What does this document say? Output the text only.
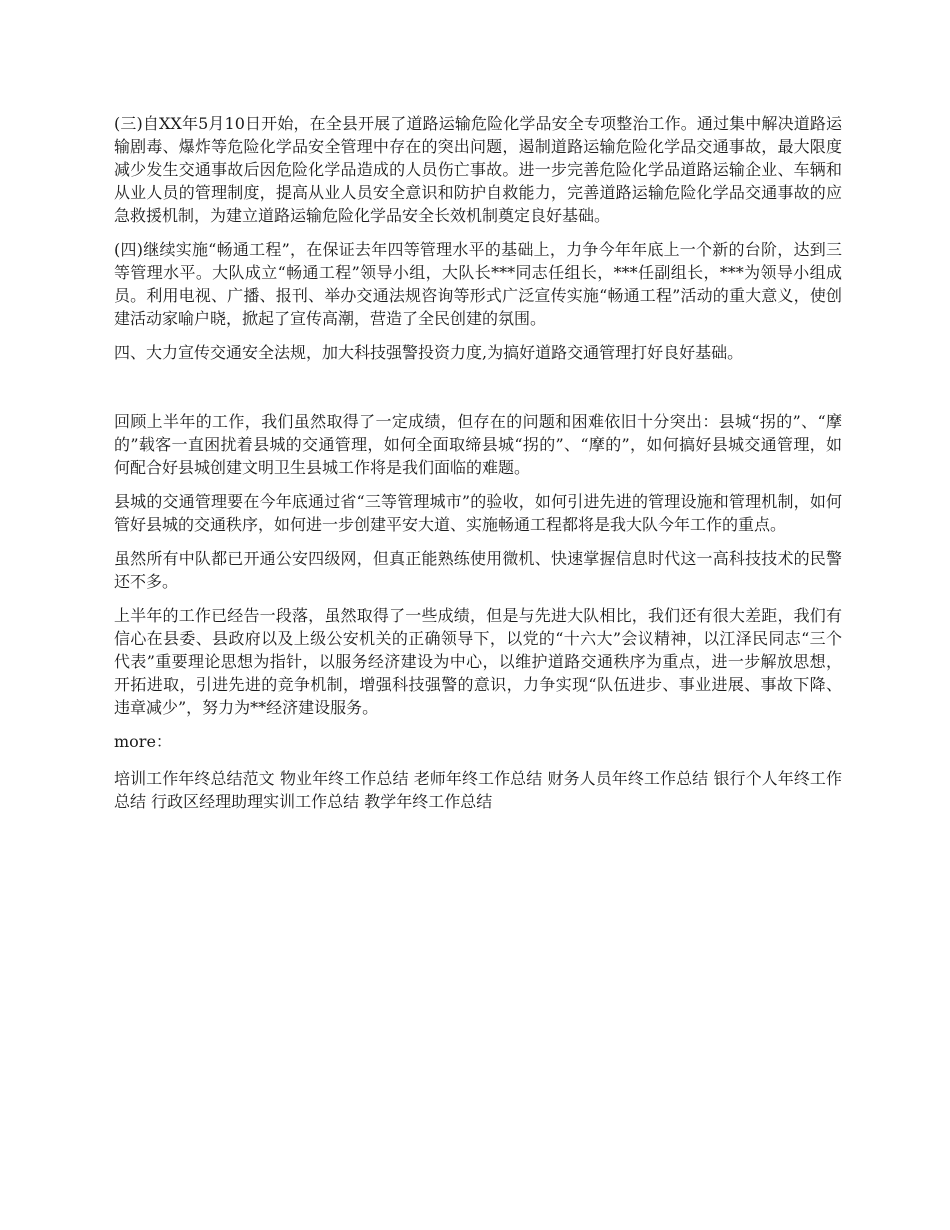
(三)自XX年5月10日开始，在全县开展了道路运输危险化学品安全专项整治工作。通过集中解决道路运输剧毒、爆炸等危险化学品安全管理中存在的突出问题，遏制道路运输危险化学品交通事故，最大限度减少发生交通事故后因危险化学品造成的人员伤亡事故。进一步完善危险化学品道路运输企业、车辆和从业人员的管理制度，提高从业人员安全意识和防护自救能力，完善道路运输危险化学品交通事故的应急救援机制，为建立道路运输危险化学品安全长效机制奠定良好基础。

(四)继续实施“畅通工程”，在保证去年四等管理水平的基础上，力争今年年底上一个新的台阶，达到三等管理水平。大队成立“畅通工程”领导小组，大队长***同志任组长，***任副组长，***为领导小组成员。利用电视、广播、报刊、举办交通法规咨询等形式广泛宣传实施“畅通工程”活动的重大意义，使创建活动家喻户晓，掀起了宣传高潮，营造了全民创建的氛围。

四、大力宣传交通安全法规，加大科技强警投资力度,为搞好道路交通管理打好良好基础。

回顾上半年的工作，我们虽然取得了一定成绩，但存在的问题和困难依旧十分突出：县城“拐的”、“摩的”载客一直困扰着县城的交通管理，如何全面取缔县城“拐的”、“摩的”，如何搞好县城交通管理，如何配合好县城创建文明卫生县城工作将是我们面临的难题。

县城的交通管理要在今年底通过省“三等管理城市”的验收，如何引进先进的管理设施和管理机制，如何管好县城的交通秩序，如何进一步创建平安大道、实施畅通工程都将是我大队今年工作的重点。

虽然所有中队都已开通公安四级网，但真正能熟练使用微机、快速掌握信息时代这一高科技技术的民警还不多。

上半年的工作已经告一段落，虽然取得了一些成绩，但是与先进大队相比，我们还有很大差距，我们有信心在县委、县政府以及上级公安机关的正确领导下，以党的“十六大”会议精神，以江泽民同志“三个代表”重要理论思想为指针，以服务经济建设为中心，以维护道路交通秩序为重点，进一步解放思想，开拓进取，引进先进的竞争机制，增强科技强警的意识，力争实现“队伍进步、事业进展、事故下降、违章减少”，努力为**经济建设服务。

more：

培训工作年终总结范文 物业年终工作总结 老师年终工作总结 财务人员年终工作总结 银行个人年终工作总结 行政区经理助理实训工作总结 教学年终工作总结
